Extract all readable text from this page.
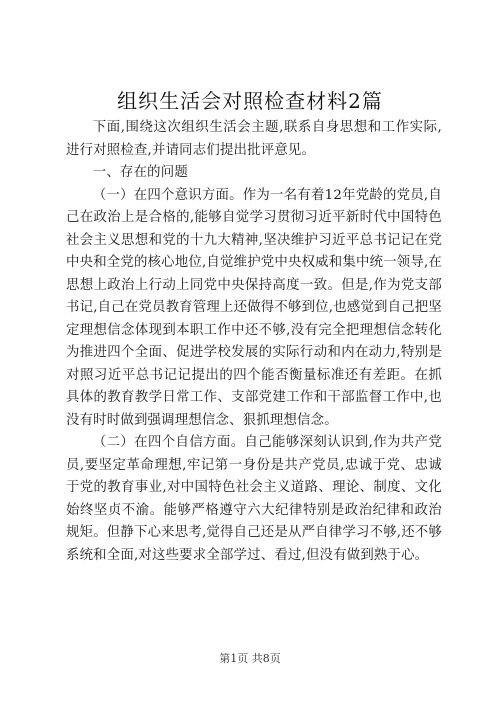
组织生活会对照检查材料2篇

下面,围绕这次组织生活会主题,联系自身思想和工作实际,进行对照检查,并请同志们提出批评意见。

一、存在的问题

（一）在四个意识方面。作为一名有着12年党龄的党员,自己在政治上是合格的,能够自觉学习贯彻习近平新时代中国特色社会主义思想和党的十九大精神,坚决维护习近平总书记记在党中央和全党的核心地位,自觉维护党中央权威和集中统一领导,在思想上政治上行动上同党中央保持高度一致。但是,作为党支部书记,自己在党员教育管理上还做得不够到位,也感觉到自己把坚定理想信念体现到本职工作中还不够,没有完全把理想信念转化为推进四个全面、促进学校发展的实际行动和内在动力,特别是对照习近平总书记记提出的四个能否衡量标准还有差距。在抓具体的教育教学日常工作、支部党建工作和干部监督工作中,也没有时时做到强调理想信念、狠抓理想信念。

（二）在四个自信方面。自己能够深刻认识到,作为共产党员,要坚定革命理想,牢记第一身份是共产党员,忠诚于党、忠诚于党的教育事业,对中国特色社会主义道路、理论、制度、文化始终坚贞不渝。能够严格遵守六大纪律特别是政治纪律和政治规矩。但静下心来思考,觉得自己还是从严自律学习不够,还不够系统和全面,对这些要求全部学过、看过,但没有做到熟于心。

第1页 共8页
